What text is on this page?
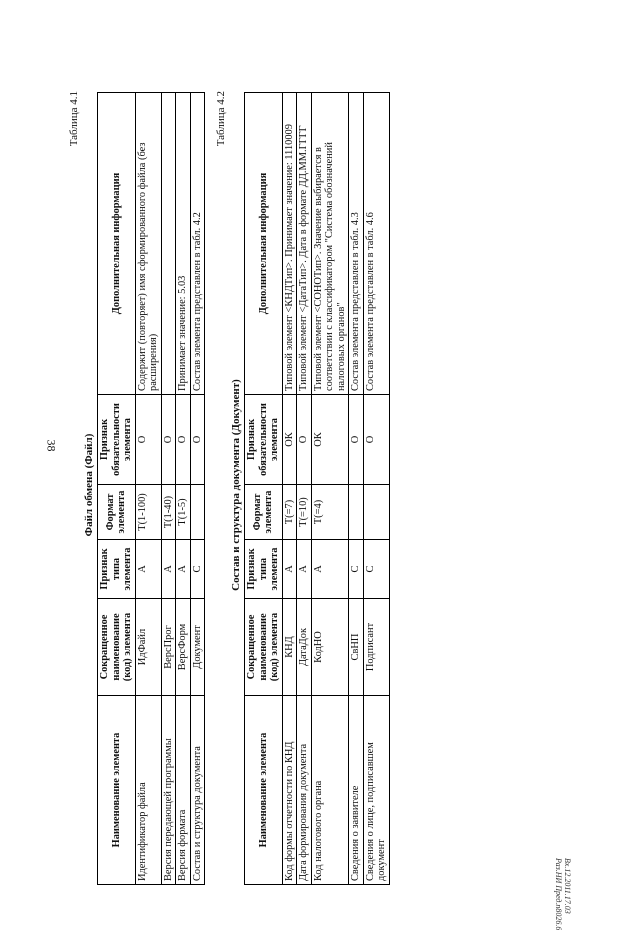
38
Вх.12.2011.17.03
Раз.НИ Пред.п8026.6
Таблица 4.1
Файл обмена (Файл)
Наименование элемента	Сокращенное наименование (код) элемента	Признак типа элемента	Формат элемента	Признак обязательности элемента	Дополнительная информация
Идентификатор файла	ИдФайл	А	T(1-100)	О	Содержит (повторяет) имя сформированного файла (без расширения)
Версия передающей программы	ВерсПрог	А	T(1-40)	О	
Версия формата	ВерсФорм	А	T(1-5)	О	Принимает значение: 5.03
Состав и структура документа	Документ	С		О	Состав элемента представлен в табл. 4.2
Таблица 4.2
Состав и структура документа (Документ)
Наименование элемента	Сокращенное наименование (код) элемента	Признак типа элемента	Формат элемента	Признак обязательности элемента	Дополнительная информация
Код формы отчетности по КНД	КНД	А	T(=7)	ОК	Типовой элемент <КНДТип>. Принимает значение: 1110009
Дата формирования документа	ДатаДок	А	T(=10)	О	Типовой элемент <ДатаТип>. Дата в формате ДД.ММ.ГГГГ
Код налогового органа	КодНО	А	T(=4)	ОК	Типовой элемент <СОНОТип>. Значение выбирается в соответствии с классификатором "Система обозначений налоговых органов"
Сведения о заявителе	СвНП	С		О	Состав элемента представлен в табл. 4.3
Сведения о лице, подписавшем документ	Подписант	С		О	Состав элемента представлен в табл. 4.6
